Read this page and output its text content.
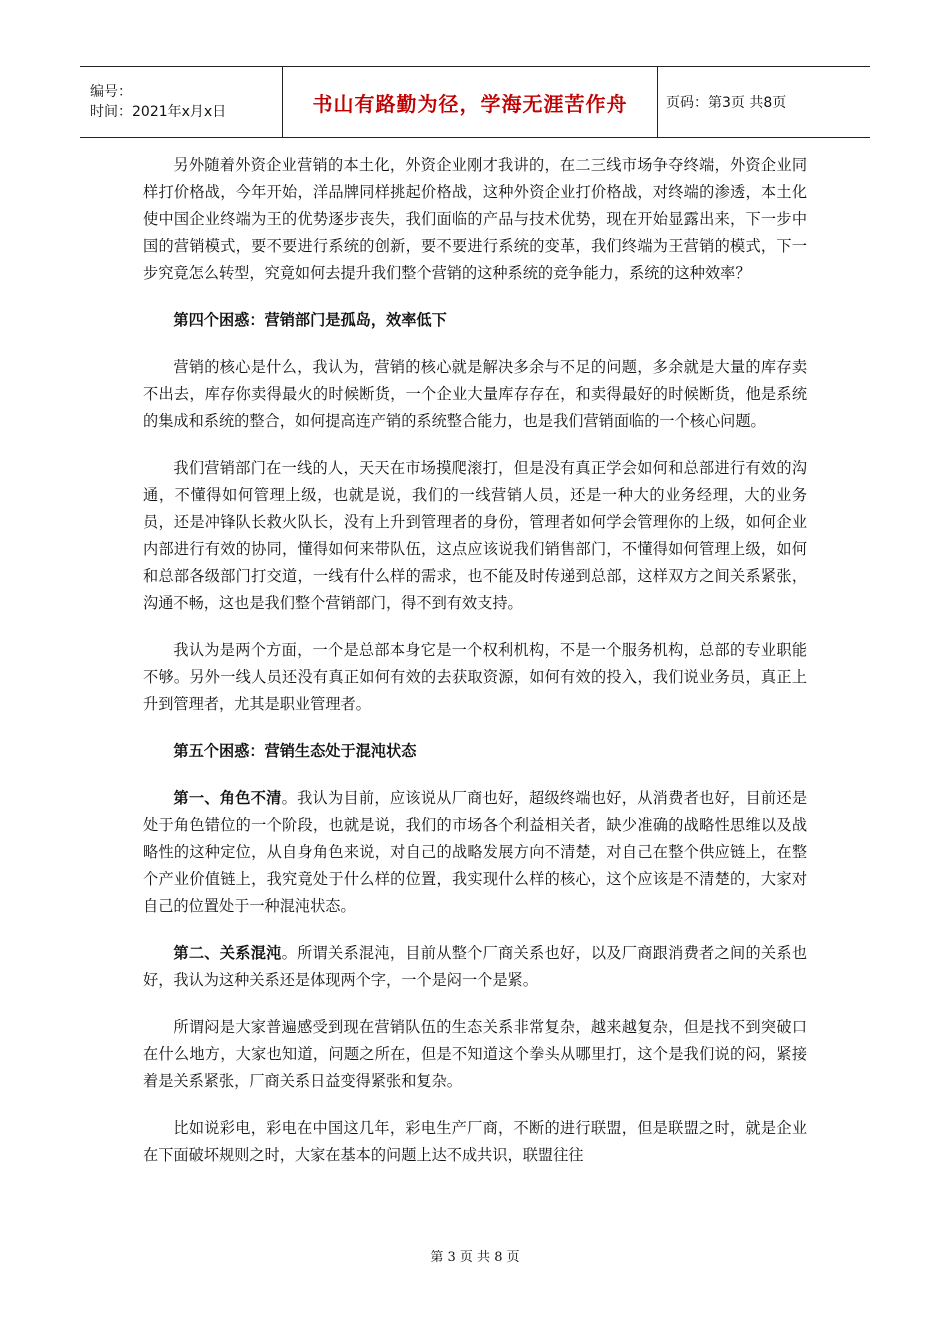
编号：
时间：2021年x月x日	书山有路勤为径，学海无涯苦作舟	页码：第3页 共8页

另外随着外资企业营销的本土化，外资企业刚才我讲的，在二三线市场争夺终端，外资企业同样打价格战，今年开始，洋品牌同样挑起价格战，这种外资企业打价格战，对终端的渗透，本土化使中国企业终端为王的优势逐步丧失，我们面临的产品与技术优势，现在开始显露出来，下一步中国的营销模式，要不要进行系统的创新，要不要进行系统的变革，我们终端为王营销的模式，下一步究竟怎么转型，究竟如何去提升我们整个营销的这种系统的竞争能力，系统的这种效率？

第四个困惑：营销部门是孤岛，效率低下

营销的核心是什么，我认为，营销的核心就是解决多余与不足的问题，多余就是大量的库存卖不出去，库存你卖得最火的时候断货，一个企业大量库存存在，和卖得最好的时候断货，他是系统的集成和系统的整合，如何提高连产销的系统整合能力，也是我们营销面临的一个核心问题。

我们营销部门在一线的人，天天在市场摸爬滚打，但是没有真正学会如何和总部进行有效的沟通，不懂得如何管理上级，也就是说，我们的一线营销人员，还是一种大的业务经理，大的业务员，还是冲锋队长救火队长，没有上升到管理者的身份，管理者如何学会管理你的上级，如何企业内部进行有效的协同，懂得如何来带队伍，这点应该说我们销售部门，不懂得如何管理上级，如何和总部各级部门打交道，一线有什么样的需求，也不能及时传递到总部，这样双方之间关系紧张，沟通不畅，这也是我们整个营销部门，得不到有效支持。

我认为是两个方面，一个是总部本身它是一个权利机构，不是一个服务机构，总部的专业职能不够。另外一线人员还没有真正如何有效的去获取资源，如何有效的投入，我们说业务员，真正上升到管理者，尤其是职业管理者。

第五个困惑：营销生态处于混沌状态

第一、角色不清。我认为目前，应该说从厂商也好，超级终端也好，从消费者也好，目前还是处于角色错位的一个阶段，也就是说，我们的市场各个利益相关者，缺少准确的战略性思维以及战略性的这种定位，从自身角色来说，对自己的战略发展方向不清楚，对自己在整个供应链上，在整个产业价值链上，我究竟处于什么样的位置，我实现什么样的核心，这个应该是不清楚的，大家对自己的位置处于一种混沌状态。

第二、关系混沌。所谓关系混沌，目前从整个厂商关系也好，以及厂商跟消费者之间的关系也好，我认为这种关系还是体现两个字，一个是闷一个是紧。

所谓闷是大家普遍感受到现在营销队伍的生态关系非常复杂，越来越复杂，但是找不到突破口在什么地方，大家也知道，问题之所在，但是不知道这个拳头从哪里打，这个是我们说的闷，紧接着是关系紧张，厂商关系日益变得紧张和复杂。

比如说彩电，彩电在中国这几年，彩电生产厂商，不断的进行联盟，但是联盟之时，就是企业在下面破坏规则之时，大家在基本的问题上达不成共识，联盟往往

第 3 页 共 8 页
